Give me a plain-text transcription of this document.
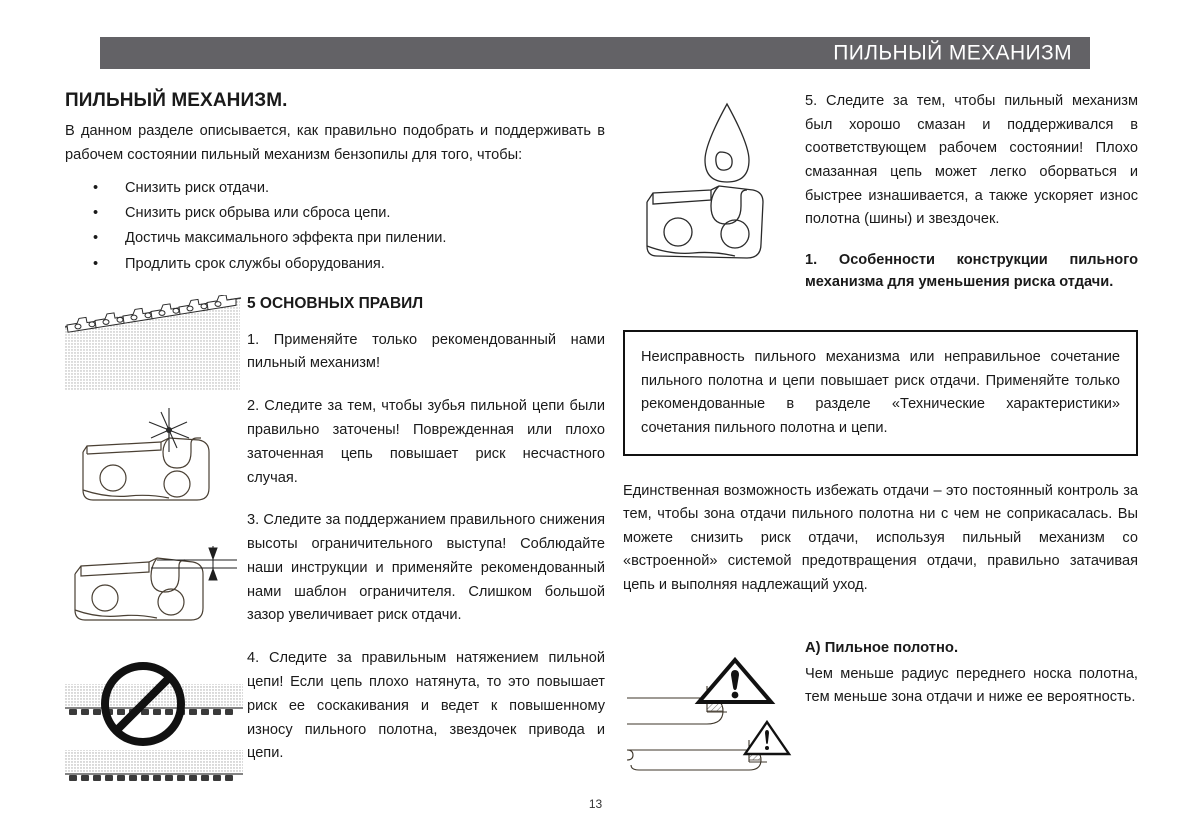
ПИЛЬНЫЙ МЕХАНИЗМ
ПИЛЬНЫЙ МЕХАНИЗМ.

В данном разделе описывается, как правильно подобрать и поддерживать в рабочем состоянии пильный механизм бензопилы для того, чтобы:

• Снизить риск отдачи.
• Снизить риск обрыва или сброса цепи.
• Достичь максимального эффекта при пилении.
• Продлить срок службы оборудования.
5 ОСНОВНЫХ ПРАВИЛ

1. Применяйте только рекомендованный нами пильный механизм!

2. Следите за тем, чтобы зубья пильной цепи были правильно заточены! Поврежденная или плохо заточенная цепь повышает риск несчастного случая.

3. Следите за поддержанием правильного снижения высоты ограничительного выступа! Соблюдайте наши инструкции и применяйте рекомендованный нами шаблон ограничителя. Слишком большой зазор увеличивает риск отдачи.

4. Следите за правильным натяжением пильной цепи! Если цепь плохо натянута, то это повышает риск ее соскакивания и ведет к повышенному износу пильного полотна, звездочек привода и цепи.

5. Следите за тем, чтобы пильный механизм был хорошо смазан и поддерживался в соответствующем рабочем состоянии! Плохо смазанная цепь может легко оборваться и быстрее изнашивается, а также ускоряет износ полотна (шины) и звездочек.

1. Особенности конструкции пильного механизма для уменьшения риска отдачи.

Неисправность пильного механизма или неправильное сочетание пильного полотна и цепи повышает риск отдачи. Применяйте только рекомендованные в разделе «Технические характеристики» сочетания пильного полотна и цепи.

Единственная возможность избежать отдачи – это постоянный контроль за тем, чтобы зона отдачи пильного полотна ни с чем не соприкасалась. Вы можете снизить риск отдачи, используя пильный механизм со «встроенной» системой предотвращения отдачи, правильно затачивая цепь и выполняя надлежащий уход.

А) Пильное полотно.

Чем меньше радиус переднего носка полотна, тем меньше зона отдачи и ниже ее вероятность.

13
